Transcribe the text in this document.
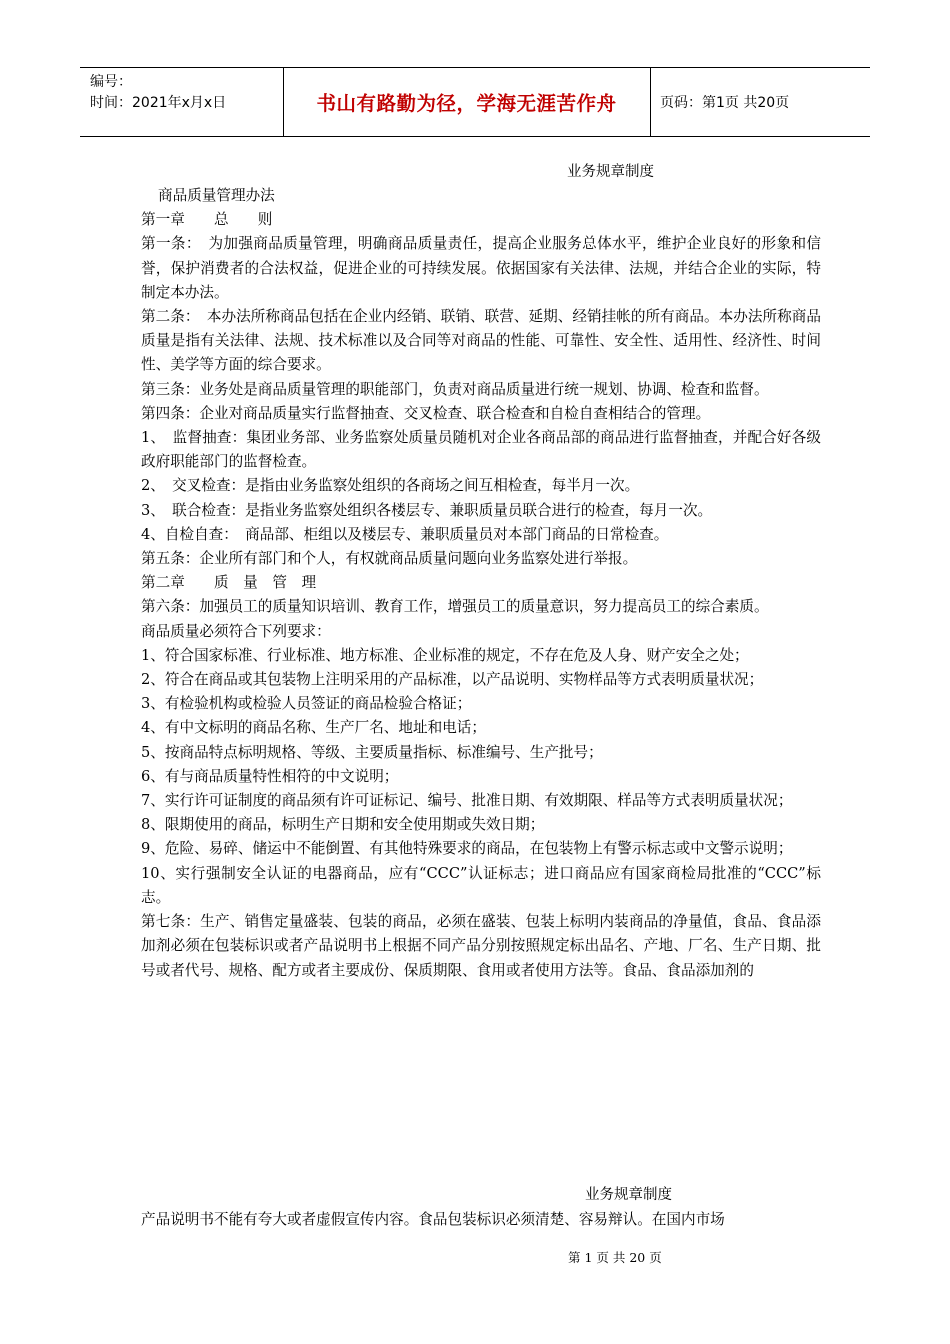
编号：
时间：2021年x月x日	书山有路勤为径，学海无涯苦作舟	页码：第1页 共20页
业务规章制度

商品质量管理办法

第一章　　总　　则

第一条：　为加强商品质量管理，明确商品质量责任，提高企业服务总体水平，维护企业良好的形象和信誉，保护消费者的合法权益，促进企业的可持续发展。依据国家有关法律、法规，并结合企业的实际，特制定本办法。

第二条：　本办法所称商品包括在企业内经销、联销、联营、延期、经销挂帐的所有商品。本办法所称商品质量是指有关法律、法规、技术标准以及合同等对商品的性能、可靠性、安全性、适用性、经济性、时间性、美学等方面的综合要求。

第三条：业务处是商品质量管理的职能部门，负责对商品质量进行统一规划、协调、检查和监督。

第四条：企业对商品质量实行监督抽查、交叉检查、联合检查和自检自查相结合的管理。

1、　监督抽查：集团业务部、业务监察处质量员随机对企业各商品部的商品进行监督抽查，并配合好各级政府职能部门的监督检查。

2、　交叉检查：是指由业务监察处组织的各商场之间互相检查，每半月一次。

3、　联合检查：是指业务监察处组织各楼层专、兼职质量员联合进行的检查，每月一次。

4、自检自查：　商品部、柜组以及楼层专、兼职质量员对本部门商品的日常检查。

第五条：企业所有部门和个人，有权就商品质量问题向业务监察处进行举报。

第二章　　质　量　管　理

第六条：加强员工的质量知识培训、教育工作，增强员工的质量意识，努力提高员工的综合素质。

商品质量必须符合下列要求：

1、符合国家标准、行业标准、地方标准、企业标准的规定，不存在危及人身、财产安全之处；

2、符合在商品或其包装物上注明采用的产品标准，以产品说明、实物样品等方式表明质量状况；

3、有检验机构或检验人员签证的商品检验合格证；

4、有中文标明的商品名称、生产厂名、地址和电话；

5、按商品特点标明规格、等级、主要质量指标、标准编号、生产批号；

6、有与商品质量特性相符的中文说明；

7、实行许可证制度的商品须有许可证标记、编号、批准日期、有效期限、样品等方式表明质量状况；

8、限期使用的商品，标明生产日期和安全使用期或失效日期；

9、危险、易碎、储运中不能倒置、有其他特殊要求的商品，在包装物上有警示标志或中文警示说明；

10、实行强制安全认证的电器商品，应有“CCC”认证标志；进口商品应有国家商检局批准的“CCC”标志。

第七条：生产、销售定量盛装、包装的商品，必须在盛装、包装上标明内装商品的净量值，食品、食品添加剂必须在包装标识或者产品说明书上根据不同产品分别按照规定标出品名、产地、厂名、生产日期、批号或者代号、规格、配方或者主要成份、保质期限、食用或者使用方法等。食品、食品添加剂的

业务规章制度
产品说明书不能有夸大或者虚假宣传内容。食品包装标识必须清楚、容易辩认。在国内市场
第 1 页 共 20 页
